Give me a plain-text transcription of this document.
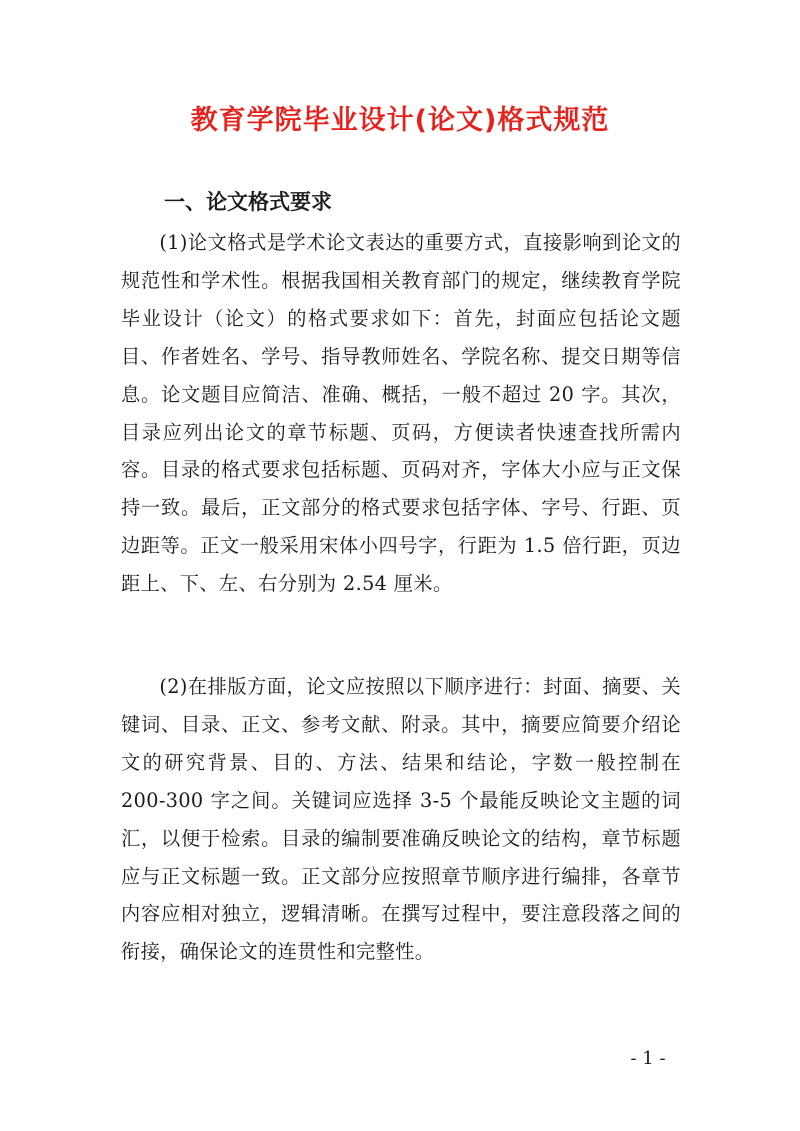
教育学院毕业设计(论文)格式规范
一、论文格式要求

(1)论文格式是学术论文表达的重要方式，直接影响到论文的规范性和学术性。根据我国相关教育部门的规定，继续教育学院毕业设计（论文）的格式要求如下：首先，封面应包括论文题目、作者姓名、学号、指导教师姓名、学院名称、提交日期等信息。论文题目应简洁、准确、概括，一般不超过 20 字。其次，目录应列出论文的章节标题、页码，方便读者快速查找所需内容。目录的格式要求包括标题、页码对齐，字体大小应与正文保持一致。最后，正文部分的格式要求包括字体、字号、行距、页边距等。正文一般采用宋体小四号字，行距为 1.5 倍行距，页边距上、下、左、右分别为 2.54 厘米。

(2)在排版方面，论文应按照以下顺序进行：封面、摘要、关键词、目录、正文、参考文献、附录。其中，摘要应简要介绍论文的研究背景、目的、方法、结果和结论，字数一般控制在 200-300 字之间。关键词应选择 3-5 个最能反映论文主题的词汇，以便于检索。目录的编制要准确反映论文的结构，章节标题应与正文标题一致。正文部分应按照章节顺序进行编排，各章节内容应相对独立，逻辑清晰。在撰写过程中，要注意段落之间的衔接，确保论文的连贯性和完整性。

- 1 -
